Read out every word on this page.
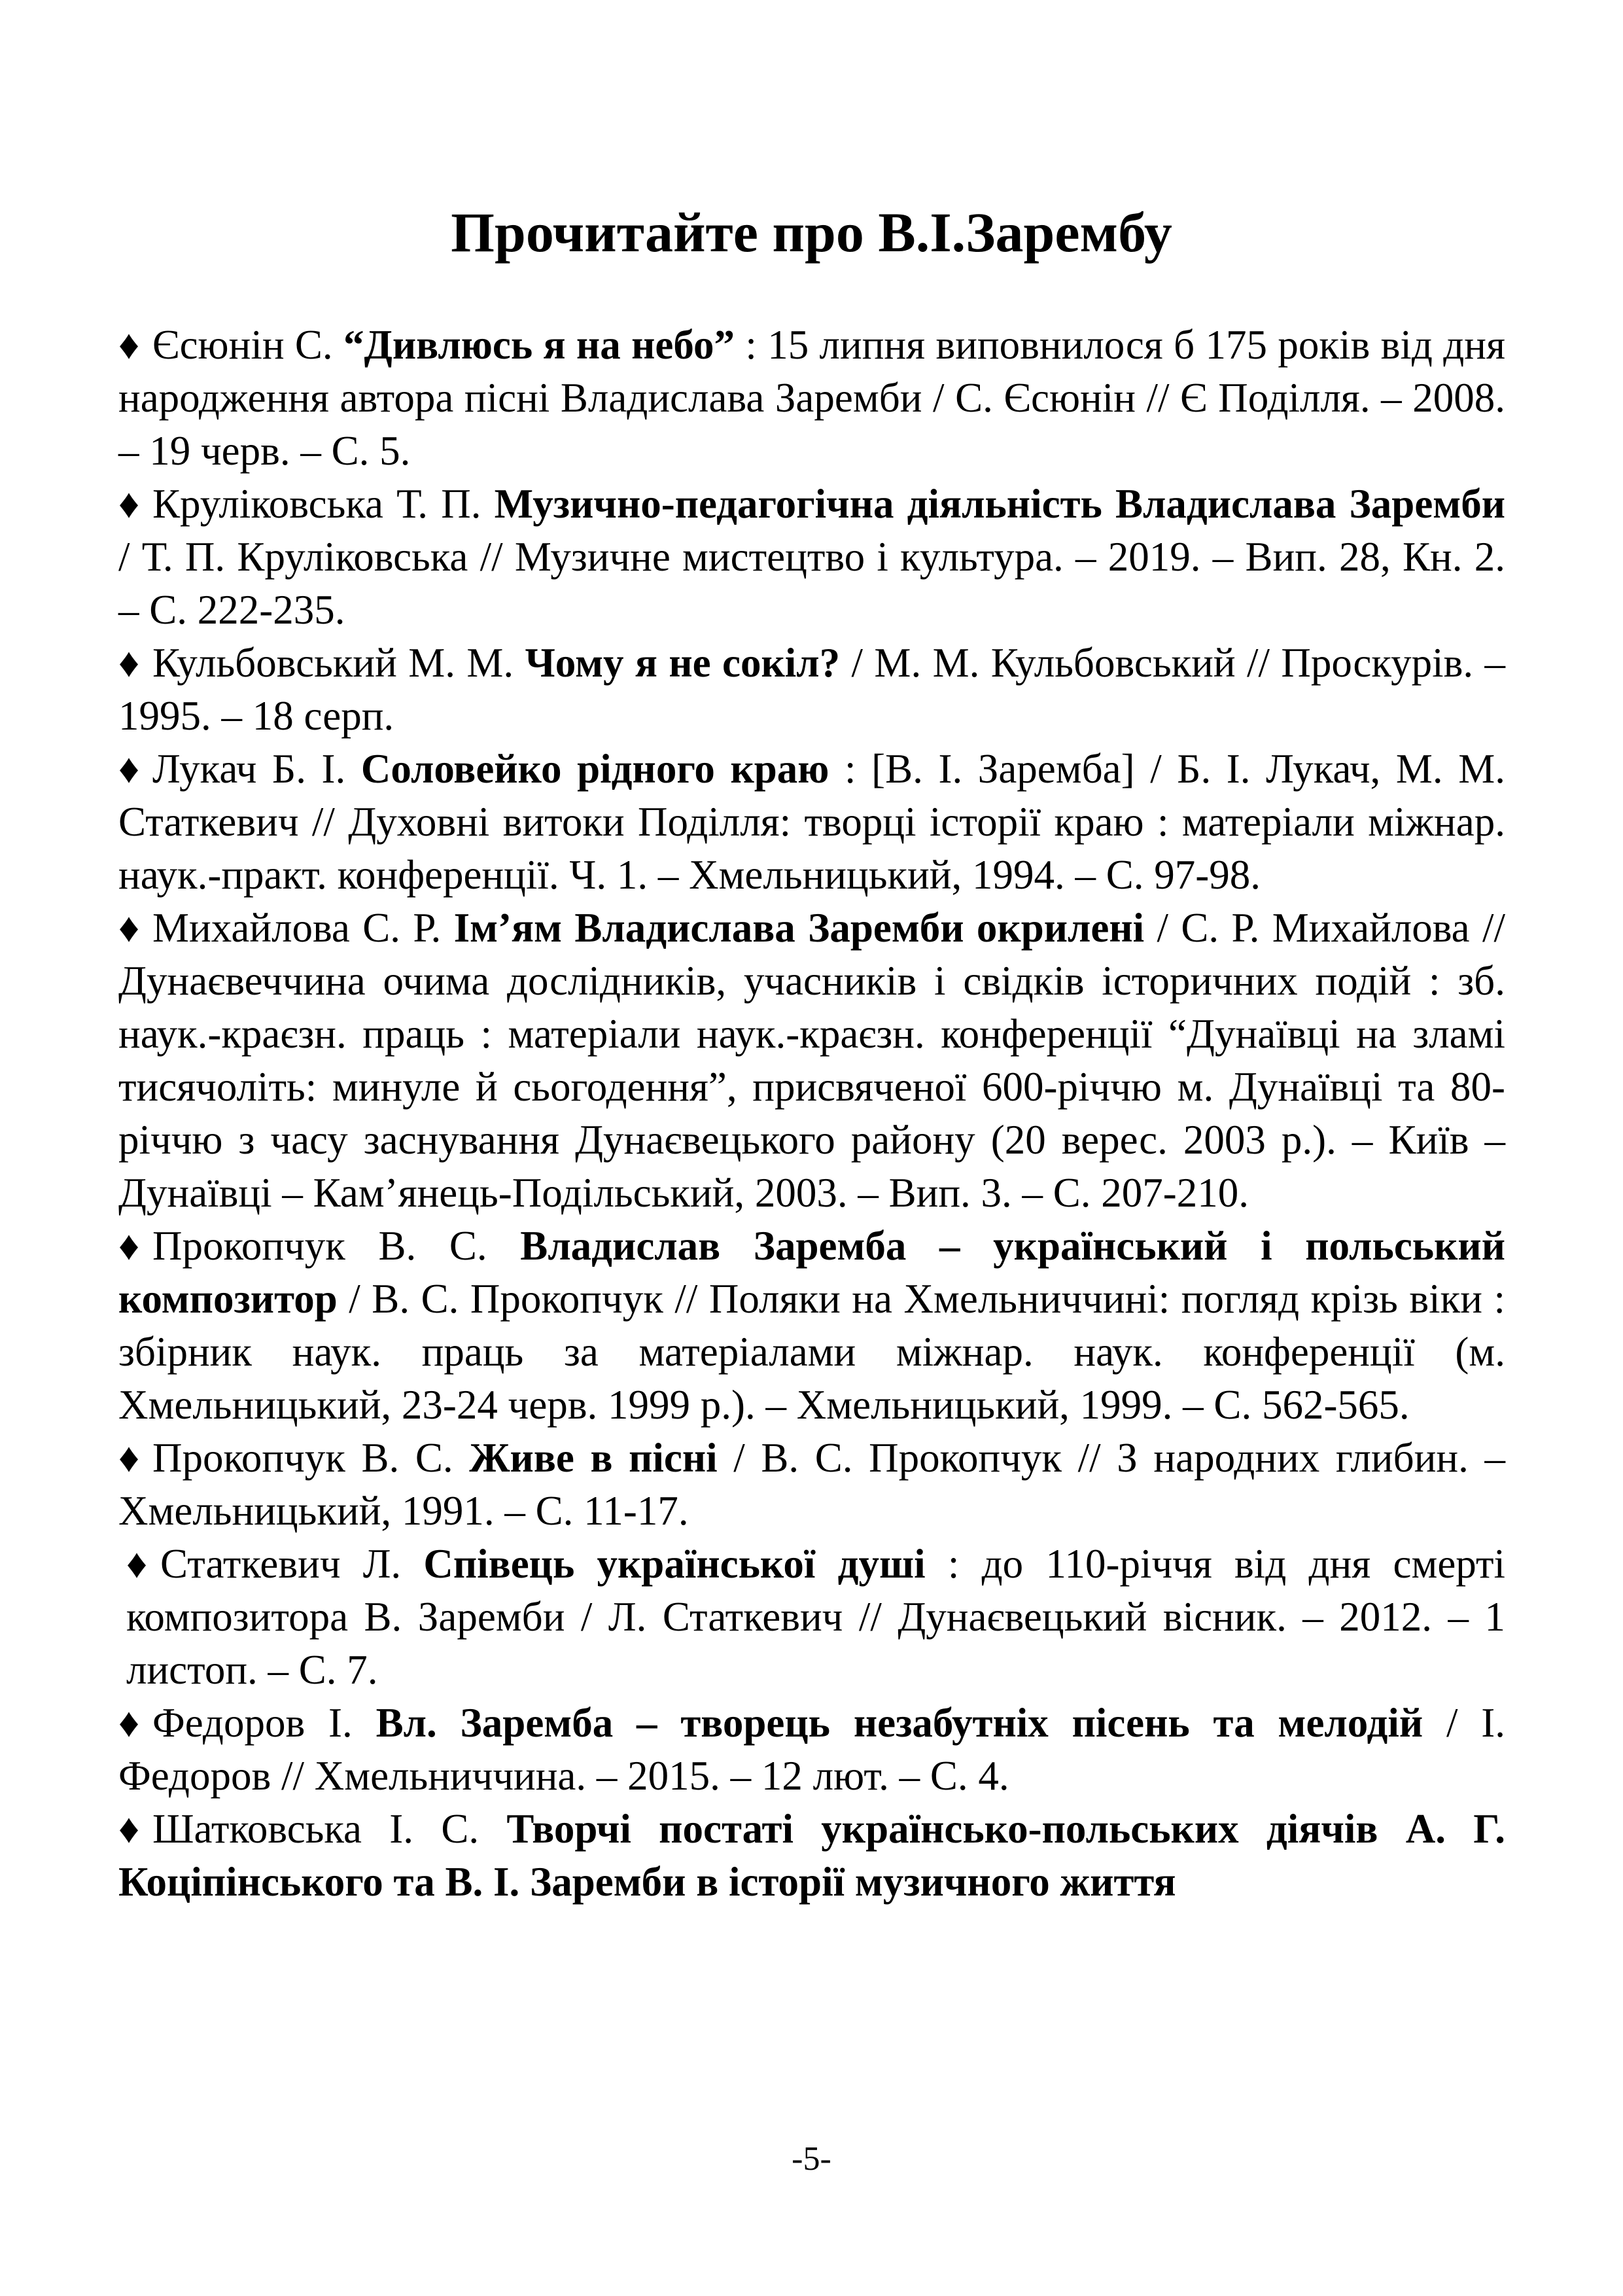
Прочитайте про В.І.Зарембу

♦ Єсюнін С. “Дивлюсь я на небо” : 15 липня виповнилося б 175 років від дня народження автора пісні Владислава Заремби / С. Єсюнін // Є Поділля. – 2008. – 19 черв. – С. 5.

♦ Круліковська Т. П. Музично-педагогічна діяльність Владислава Заремби / Т. П. Круліковська // Музичне мистецтво і культура. – 2019. – Вип. 28, Кн. 2. – С. 222-235.

♦ Кульбовський М. М. Чому я не сокіл? / М. М. Кульбовський // Проскурів. – 1995. – 18 серп.

♦ Лукач Б. І. Соловейко рідного краю : [В. І. Заремба] / Б. І. Лукач, М. М. Статкевич // Духовні витоки Поділля: творці історії краю : матеріали міжнар. наук.-практ. конференції. Ч. 1. – Хмельницький, 1994. – С. 97-98.

♦ Михайлова С. Р. Ім’ям Владислава Заремби окрилені / С. Р. Михайлова // Дунаєвеччина очима дослідників, учасників і свідків історичних подій : зб. наук.-краєзн. праць : матеріали наук.-краєзн. конференції “Дунаївці на зламі тисячоліть: минуле й сьогодення”, присвяченої 600-річчю м. Дунаївці та 80-річчю з часу заснування Дунаєвецького району (20 верес. 2003 р.). – Київ – Дунаївці – Кам’янець-Подільський, 2003. – Вип. 3. – С. 207-210.

♦ Прокопчук В. С. Владислав Заремба – український і польський композитор / В. С. Прокопчук // Поляки на Хмельниччині: погляд крізь віки : збірник наук. праць за матеріалами міжнар. наук. конференції (м. Хмельницький, 23-24 черв. 1999 р.). – Хмельницький, 1999. – С. 562-565.

♦ Прокопчук В. С. Живе в пісні / В. С. Прокопчук // З народних глибин. – Хмельницький, 1991. – С. 11-17.

♦ Статкевич Л. Співець української душі : до 110-річчя від дня смерті композитора В. Заремби / Л. Статкевич // Дунаєвецький вісник. – 2012. – 1 листоп. – С. 7.

♦ Федоров І. Вл. Заремба – творець незабутніх пісень та мелодій / І. Федоров // Хмельниччина. – 2015. – 12 лют. – С. 4.

♦ Шатковська І. С. Творчі постаті українсько-польських діячів А. Г. Коціпінського та В. І. Заремби в історії музичного життя

-5-
